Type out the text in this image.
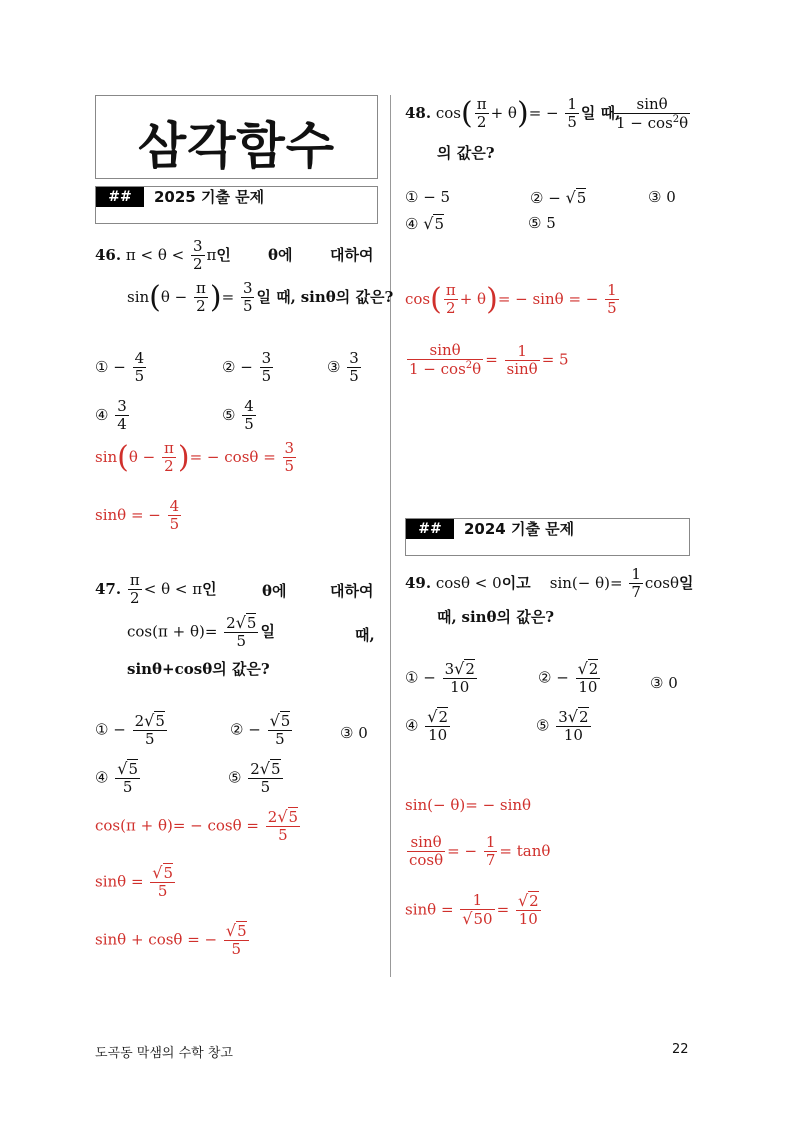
삼각함수
##	2025 기출 문제
##	2024 기출 문제
46. $\pi < \theta < \frac{3}{2}$ π인 θ에	대하여
$\sin(\theta - \frac{\pi}{2}$ )= $\frac{3}{5}$ 일 때, sinθ의 값은?
① − $\frac{4}{5}$	② − $\frac{3}{5}$	③ $\frac{3}{5}$
④ $\frac{3}{4}$	⑤ $\frac{4}{5}$
$\sin(\theta - \frac{\pi}{2}$ )= − $\cos\theta = \frac{3}{5}$
sinθ = − $\frac{4}{5}$
47. $\frac{\pi}{2} < \theta < \pi$인	θ에	대하여
$\cos(\pi + \theta)= \frac{2√5}{5}$ 일	때,
sinθ+cosθ의 값은?
① − $\frac{2√5}{5}$	② − $\frac{√5}{5}$	③ 0
④ $\frac{√5}{5}$	⑤ $\frac{2√5}{5}$
$\cos(\pi + \theta)= - \cos\theta = \frac{2√5}{5}$
$\sin\theta = \frac{√5}{5}$
sinθ + cosθ = − $\frac{√5}{5}$
48. $\cos( \frac{\pi}{2} + \theta)= - \frac{1}{5}$ 일 때,
$\frac{\sin\theta}{1 - \cos^2\theta}$
의 값은?
① − 5	② − √5	③ 0
④ √5	⑤ 5
$\cos( \frac{\pi}{2} + \theta)= - \sin\theta$ = − $\frac{1}{5}$
$\frac{\sin\theta}{1 - \cos^2\theta} = \frac{1}{\sin\theta} = 5$
49. cosθ < 0이고    $\sin(- \theta)= \frac{1}{7}$ cosθ일
때, sinθ의 값은?
① − $\frac{3√2}{10}$	② − $\frac{√2}{10}$	③ 0
④ $\frac{√2}{10}$	⑤ $\frac{3√2}{10}$
sin(− θ)= − sinθ
$\frac{\sin\theta}{\cos\theta}$ = − $\frac{1}{7} = \tan\theta$
$\sin\theta = \frac{1}{√50} = \frac{√2}{10}$
도곡동 막샘의 수학 창고	22
